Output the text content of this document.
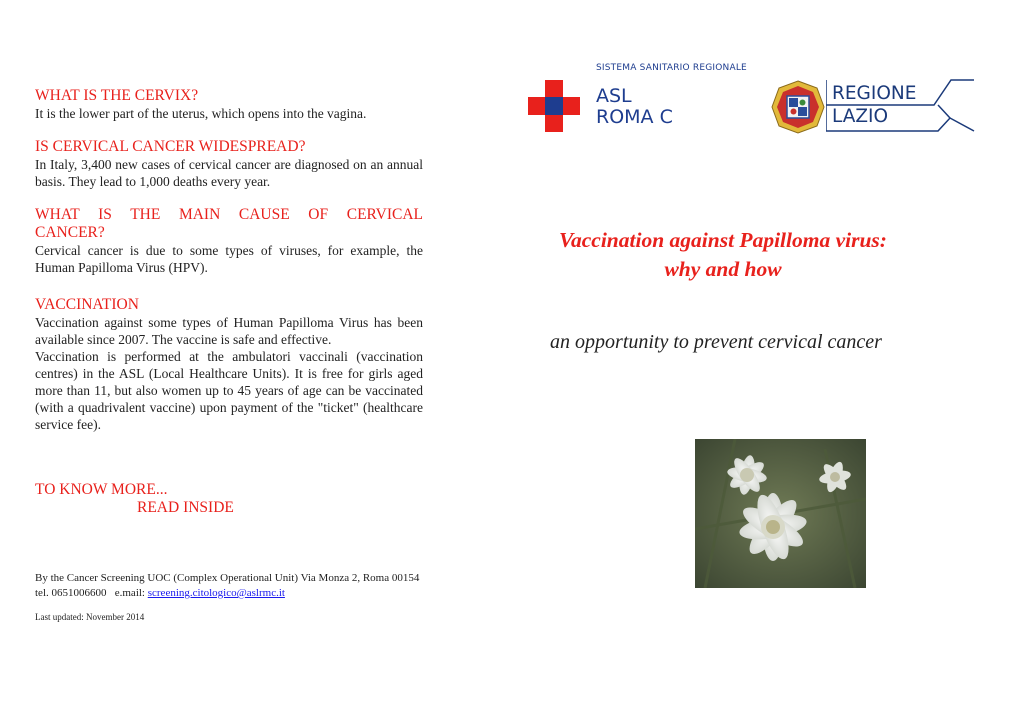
WHAT IS THE CERVIX?

It is the lower part of the uterus, which opens into the vagina.

IS CERVICAL CANCER WIDESPREAD?

In Italy, 3,400 new cases of cervical cancer are diagnosed on an annual basis. They lead to 1,000 deaths every year.

WHAT IS THE MAIN CAUSE OF CERVICAL CANCER?

Cervical cancer is due to some types of viruses, for example, the Human Papilloma Virus (HPV).

VACCINATION

Vaccination against some types of Human Papilloma Virus has been available since 2007. The vaccine is safe and effective.

Vaccination is performed at the ambulatori vaccinali (vaccination centres) in the ASL (Local Healthcare Units). It is free for girls aged more than 11, but also women up to 45 years of age can be vaccinated (with a quadrivalent vaccine) upon payment of the "ticket" (healthcare service fee).

TO KNOW MORE...
READ INSIDE
By the Cancer Screening UOC (Complex Operational Unit) Via Monza 2, Roma 00154
tel. 0651006600   e.mail: screening.citologico@aslrmc.it
Last updated: November 2014
SISTEMA SANITARIO REGIONALE
ASL
ROMA C
REGIONE
LAZIO
Vaccination against Papilloma virus:
why and how
an opportunity to prevent cervical cancer
